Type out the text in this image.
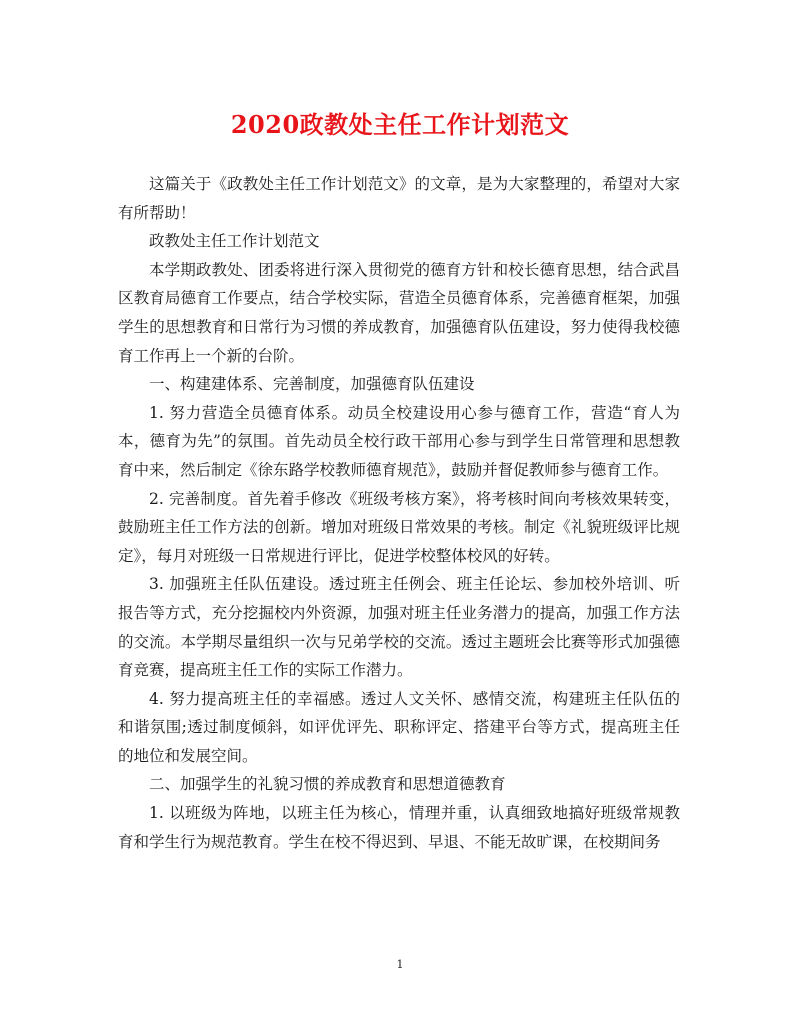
2020政教处主任工作计划范文

这篇关于《政教处主任工作计划范文》的文章，是为大家整理的，希望对大家有所帮助！

政教处主任工作计划范文

本学期政教处、团委将进行深入贯彻党的德育方针和校长德育思想，结合武昌区教育局德育工作要点，结合学校实际，营造全员德育体系，完善德育框架，加强学生的思想教育和日常行为习惯的养成教育，加强德育队伍建设，努力使得我校德育工作再上一个新的台阶。

一、构建建体系、完善制度，加强德育队伍建设

1. 努力营造全员德育体系。动员全校建设用心参与德育工作，营造“育人为本，德育为先”的氛围。首先动员全校行政干部用心参与到学生日常管理和思想教育中来，然后制定《徐东路学校教师德育规范》，鼓励并督促教师参与德育工作。

2. 完善制度。首先着手修改《班级考核方案》，将考核时间向考核效果转变，鼓励班主任工作方法的创新。增加对班级日常效果的考核。制定《礼貌班级评比规定》，每月对班级一日常规进行评比，促进学校整体校风的好转。

3. 加强班主任队伍建设。透过班主任例会、班主任论坛、参加校外培训、听报告等方式，充分挖掘校内外资源，加强对班主任业务潜力的提高，加强工作方法的交流。本学期尽量组织一次与兄弟学校的交流。透过主题班会比赛等形式加强德育竞赛，提高班主任工作的实际工作潜力。

4. 努力提高班主任的幸福感。透过人文关怀、感情交流，构建班主任队伍的和谐氛围;透过制度倾斜，如评优评先、职称评定、搭建平台等方式，提高班主任的地位和发展空间。

二、加强学生的礼貌习惯的养成教育和思想道德教育

1. 以班级为阵地，以班主任为核心，情理并重，认真细致地搞好班级常规教育和学生行为规范教育。学生在校不得迟到、早退、不能无故旷课，在校期间务

1
